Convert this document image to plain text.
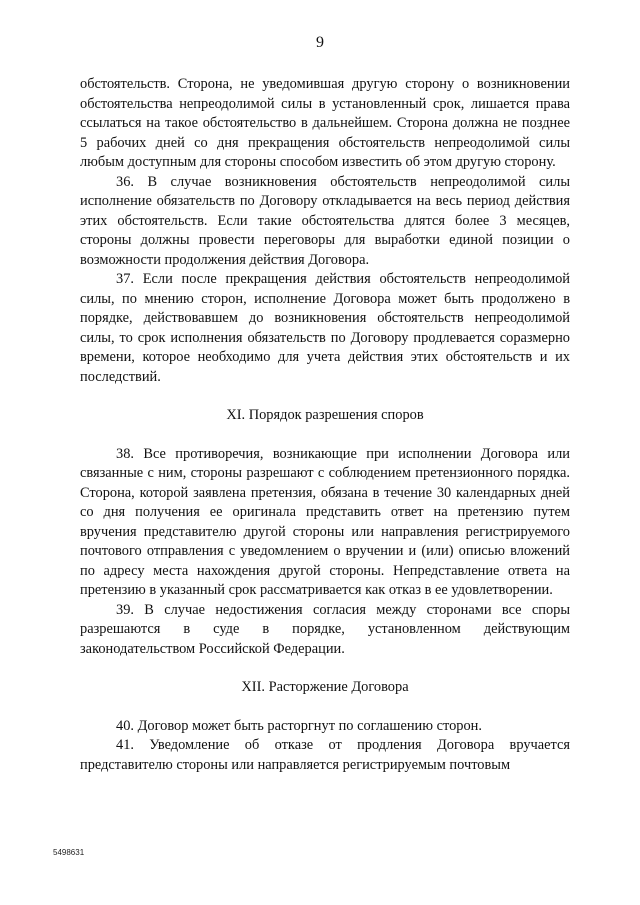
9

обстоятельств. Сторона, не уведомившая другую сторону о возникновении обстоятельства непреодолимой силы в установленный срок, лишается права ссылаться на такое обстоятельство в дальнейшем. Сторона должна не позднее 5 рабочих дней со дня прекращения обстоятельств непреодолимой силы любым доступным для стороны способом известить об этом другую сторону.

36. В случае возникновения обстоятельств непреодолимой силы исполнение обязательств по Договору откладывается на весь период действия этих обстоятельств. Если такие обстоятельства длятся более 3 месяцев, стороны должны провести переговоры для выработки единой позиции о возможности продолжения действия Договора.

37. Если после прекращения действия обстоятельств непреодолимой силы, по мнению сторон, исполнение Договора может быть продолжено в порядке, действовавшем до возникновения обстоятельств непреодолимой силы, то срок исполнения обязательств по Договору продлевается соразмерно времени, которое необходимо для учета действия этих обстоятельств и их последствий.

XI. Порядок разрешения споров

38. Все противоречия, возникающие при исполнении Договора или связанные с ним, стороны разрешают с соблюдением претензионного порядка. Сторона, которой заявлена претензия, обязана в течение 30 календарных дней со дня получения ее оригинала представить ответ на претензию путем вручения представителю другой стороны или направления регистрируемого почтового отправления с уведомлением о вручении и (или) описью вложений по адресу места нахождения другой стороны. Непредставление ответа на претензию в указанный срок рассматривается как отказ в ее удовлетворении.

39. В случае недостижения согласия между сторонами все споры разрешаются в суде в порядке, установленном действующим законодательством Российской Федерации.

XII. Расторжение Договора

40. Договор может быть расторгнут по соглашению сторон.

41. Уведомление об отказе от продления Договора вручается представителю стороны или направляется регистрируемым почтовым

5498631
